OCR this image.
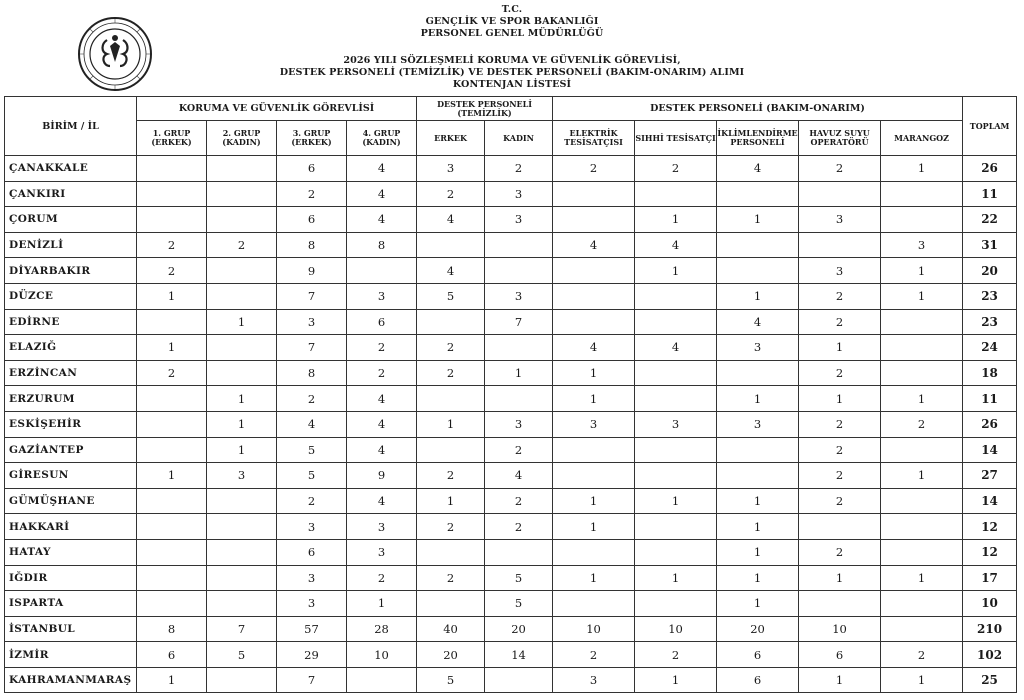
T.C.
GENÇLİK VE SPOR BAKANLIĞI
PERSONEL GENEL MÜDÜRLÜĞÜ
2026 YILI SÖZLEŞMELİ KORUMA VE GÜVENLİK GÖREVLİSİ,
DESTEK PERSONELİ (TEMİZLİK) VE DESTEK PERSONELİ (BAKIM-ONARIM) ALIMI
KONTENJAN LİSTESİ
BİRİM / İL	KORUMA VE GÜVENLİK GÖREVLİSİ				DESTEK PERSONELİ (TEMİZLİK)		DESTEK PERSONELİ (BAKIM-ONARIM)					TOPLAM
	1. GRUP (ERKEK)	2. GRUP (KADIN)	3. GRUP (ERKEK)	4. GRUP (KADIN)	ERKEK	KADIN	ELEKTRİK TESİSATÇISI	SIHHİ TESİSATÇI	İKLİMLENDİRME PERSONELİ	HAVUZ SUYU OPERATÖRÜ	MARANGOZ	
ÇANAKKALE			6	4	3	2	2	2	4	2	1	26
ÇANKIRI			2	4	2	3						11
ÇORUM			6	4	4	3		1	1	3		22
DENİZLİ	2	2	8	8			4	4			3	31
DİYARBAKIR	2		9		4			1		3	1	20
DÜZCE	1		7	3	5	3			1	2	1	23
EDİRNE		1	3	6		7			4	2		23
ELAZIĞ	1		7	2	2		4	4	3	1		24
ERZİNCAN	2		8	2	2	1	1			2		18
ERZURUM		1	2	4			1		1	1	1	11
ESKİŞEHİR		1	4	4	1	3	3	3	3	2	2	26
GAZİANTEP		1	5	4		2				2		14
GİRESUN	1	3	5	9	2	4				2	1	27
GÜMÜŞHANE			2	4	1	2	1	1	1	2		14
HAKKARİ			3	3	2	2	1		1			12
HATAY			6	3					1	2		12
IĞDIR			3	2	2	5	1	1	1	1	1	17
ISPARTA			3	1		5			1			10
İSTANBUL	8	7	57	28	40	20	10	10	20	10		210
İZMİR	6	5	29	10	20	14	2	2	6	6	2	102
KAHRAMANMARAŞ	1		7		5		3	1	6	1	1	25
